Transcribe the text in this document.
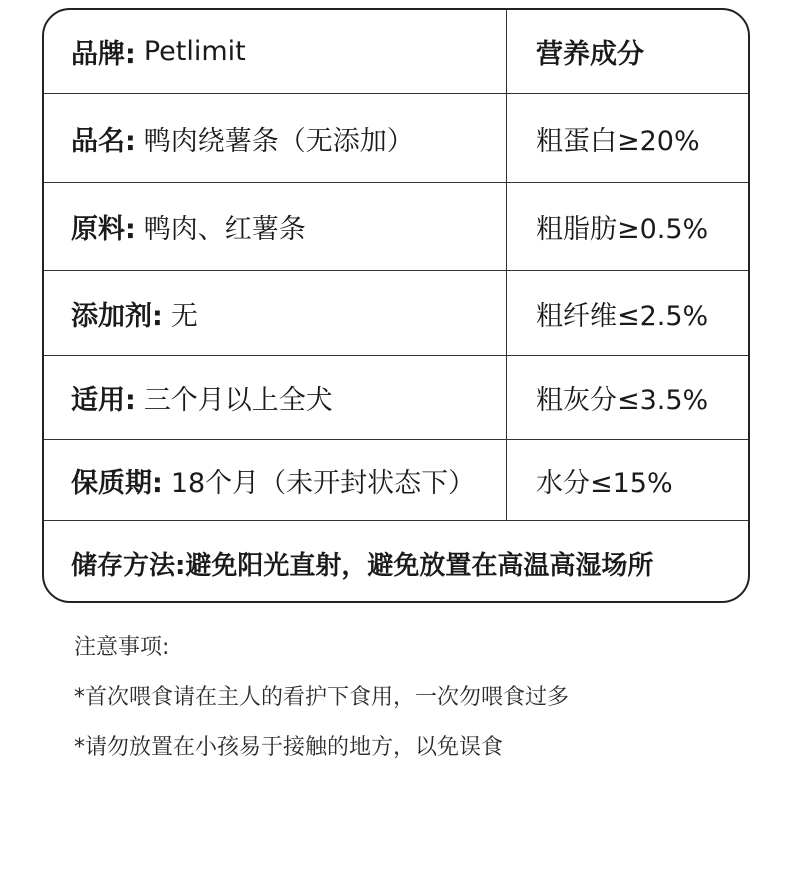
品牌: Petlimit	营养成分
品名: 鸭肉绕薯条（无添加）	粗蛋白≥20%
原料: 鸭肉、红薯条	粗脂肪≥0.5%
添加剂: 无	粗纤维≤2.5%
适用: 三个月以上全犬	粗灰分≤3.5%
保质期: 18个月（未开封状态下）	水分≤15%
储存方法:避免阳光直射，避免放置在高温高湿场所
注意事项:
*首次喂食请在主人的看护下食用，一次勿喂食过多
*请勿放置在小孩易于接触的地方，以免误食
